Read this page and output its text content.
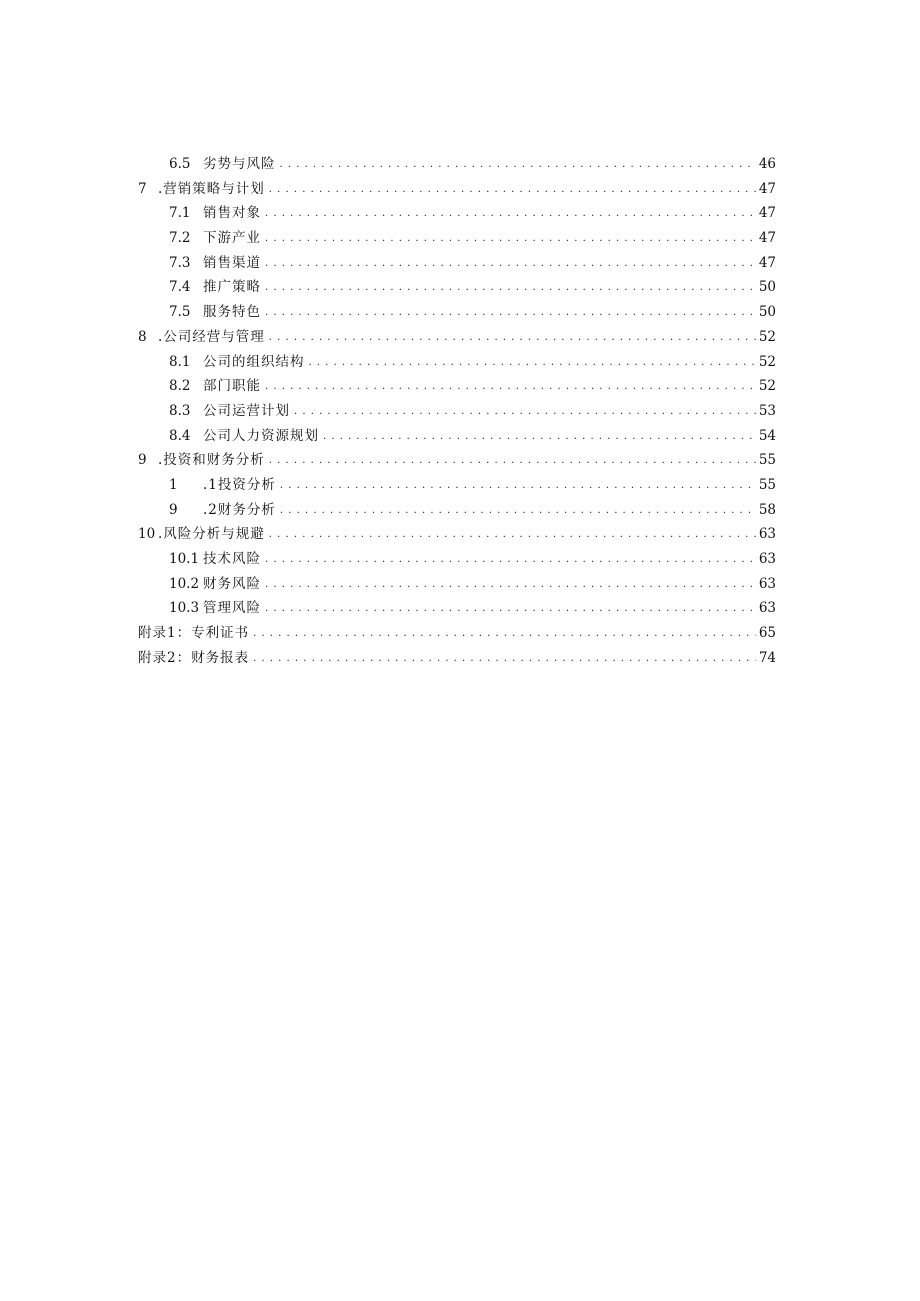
6.5 劣势与风险 . . .	46
7 .营销策略与计划 . . .	47
7.1 销售对象 . . .	47
7.2 下游产业 . . .	47
7.3 销售渠道 . . .	47
7.4 推广策略 . . .	50
7.5 服务特色 . . .	50
8 .公司经营与管理 . . .	52
8.1 公司的组织结构 . . .	52
8.2 部门职能 . . .	52
8.3 公司运营计划 . . .	53
8.4 公司人力资源规划 . . .	54
9 .投资和财务分析 . . .	55
1	.1投资分析 . . .	55
9	.2财务分析 . . .	58
10 .风险分析与规避 . . .	63
10.1 技术风险 . . .	63
10.2 财务风险 . . .	63
10.3 管理风险 . . .	63
附录1：专利证书 . . .	65
附录2：财务报表 . . .	74
